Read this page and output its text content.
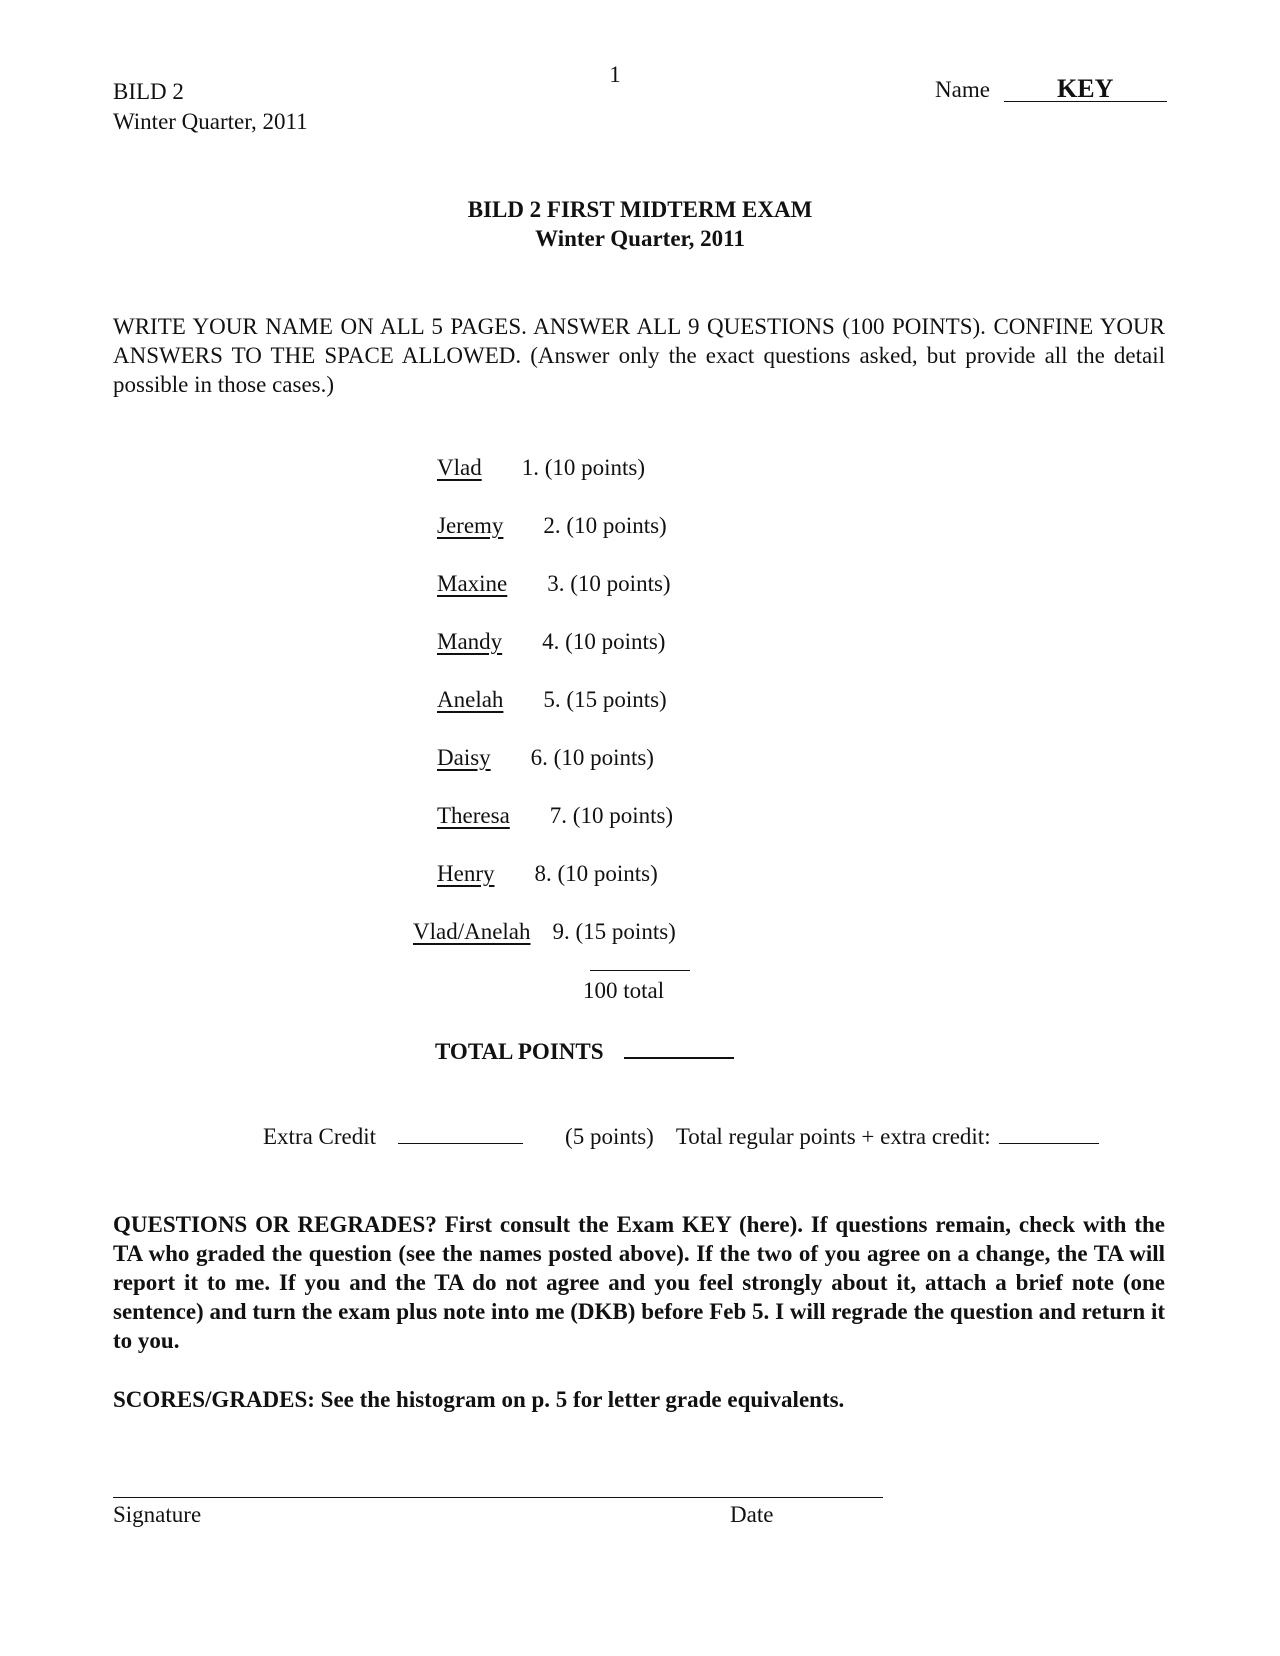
BILD 2
Winter Quarter, 2011
1
Name	KEY
BILD 2 FIRST MIDTERM EXAM
Winter Quarter, 2011
WRITE YOUR NAME ON ALL 5 PAGES. ANSWER ALL 9 QUESTIONS (100 POINTS). CONFINE YOUR ANSWERS TO THE SPACE ALLOWED. (Answer only the exact questions asked, but provide all the detail possible in those cases.)
Vlad 1. (10 points)
Jeremy 2. (10 points)
Maxine 3. (10 points)
Mandy 4. (10 points)
Anelah 5. (15 points)
Daisy 6. (10 points)
Theresa 7. (10 points)
Henry 8. (10 points)
Vlad/Anelah 9. (15 points)
100 total
TOTAL POINTS
Extra Credit	(5 points) Total regular points + extra credit:
QUESTIONS OR REGRADES? First consult the Exam KEY (here). If questions remain, check with the TA who graded the question (see the names posted above). If the two of you agree on a change, the TA will report it to me. If you and the TA do not agree and you feel strongly about it, attach a brief note (one sentence) and turn the exam plus note into me (DKB) before Feb 5. I will regrade the question and return it to you.
SCORES/GRADES: See the histogram on p. 5 for letter grade equivalents.
Signature	Date
